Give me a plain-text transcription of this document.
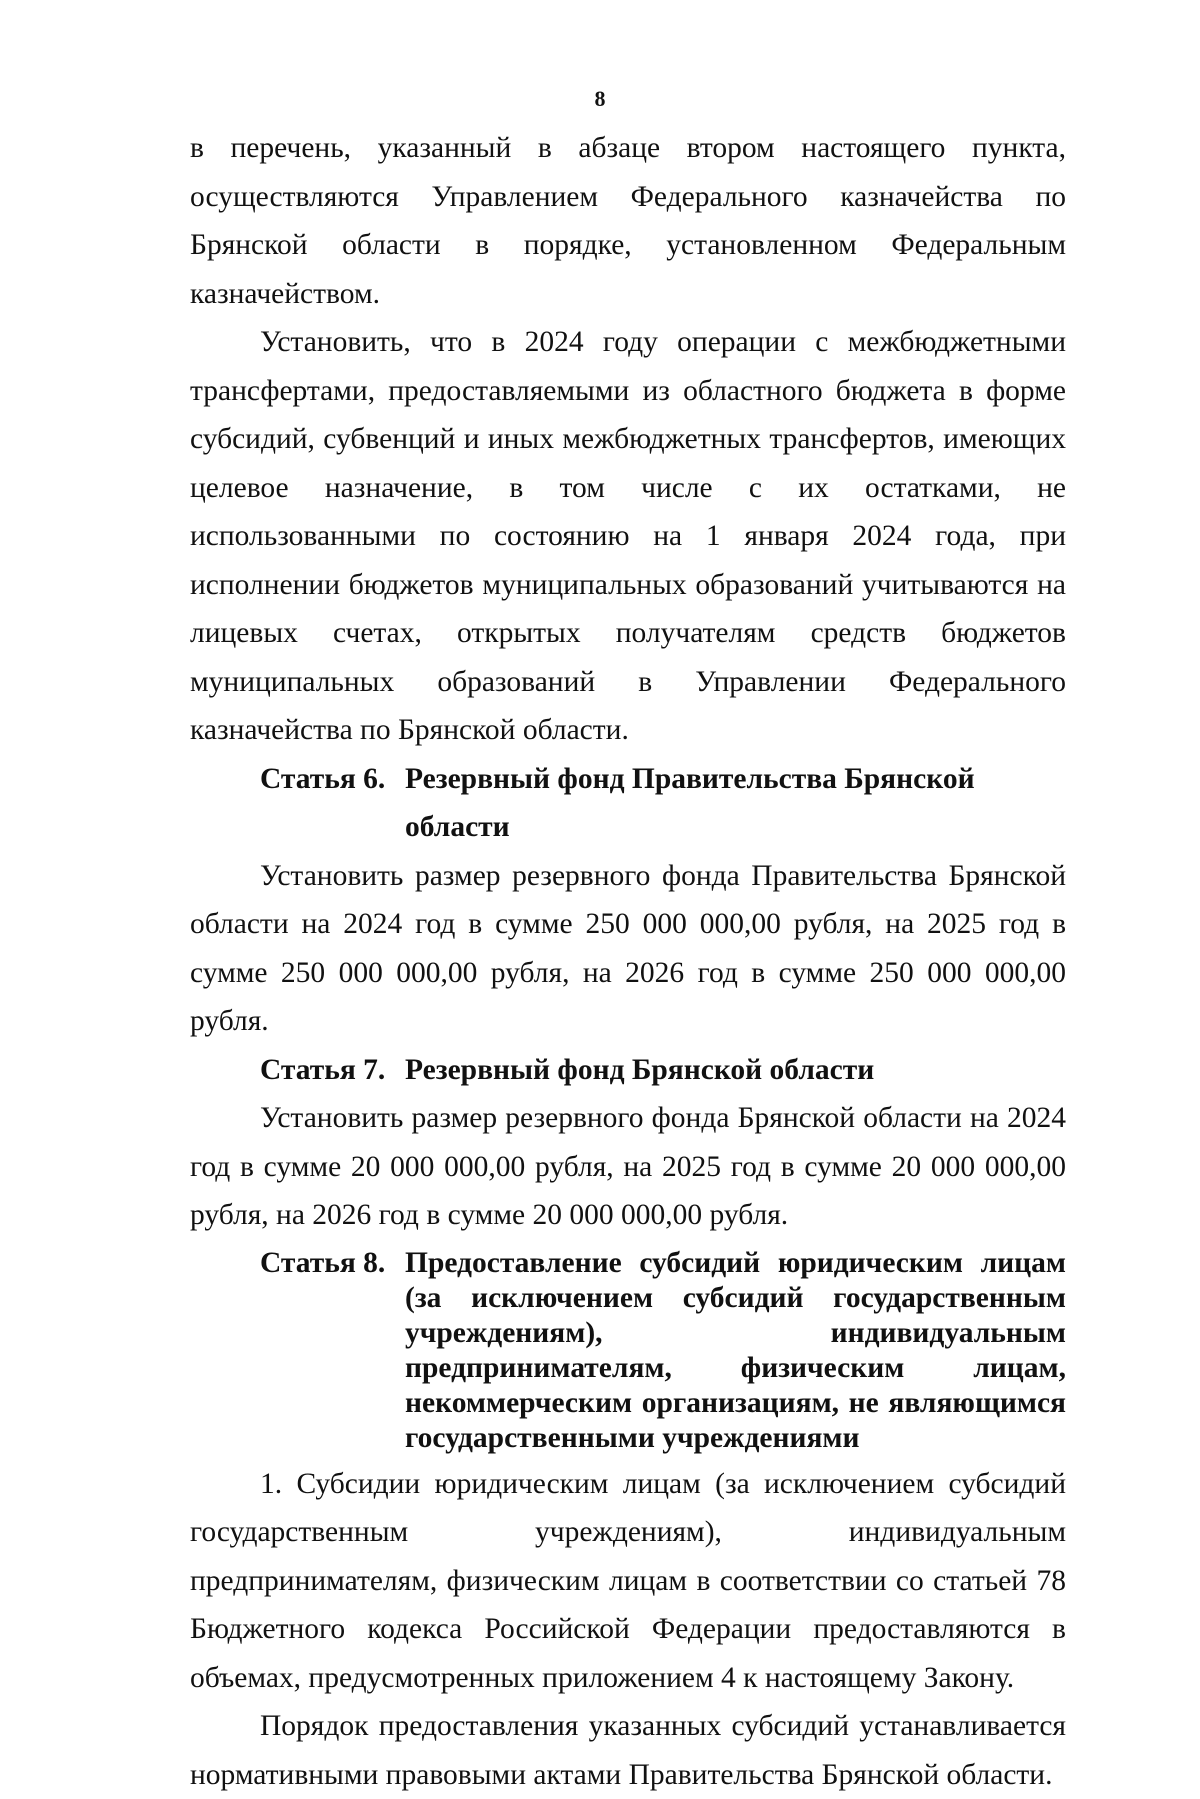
8

в перечень, указанный в абзаце втором настоящего пункта, осуществляются Управлением Федерального казначейства по Брянской области в порядке, установленном Федеральным казначейством.

Установить, что в 2024 году операции с межбюджетными трансфертами, предоставляемыми из областного бюджета в форме субсидий, субвенций и иных межбюджетных трансфертов, имеющих целевое назначение, в том числе с их остатками, не использованными по состоянию на 1 января 2024 года, при исполнении бюджетов муниципальных образований учитываются на лицевых счетах, открытых получателям средств бюджетов муниципальных образований в Управлении Федерального казначейства по Брянской области.

Статья 6. Резервный фонд Правительства Брянской области

Установить размер резервного фонда Правительства Брянской области на 2024 год в сумме 250 000 000,00 рубля, на 2025 год в сумме 250 000 000,00 рубля, на 2026 год в сумме 250 000 000,00 рубля.

Статья 7. Резервный фонд Брянской области

Установить размер резервного фонда Брянской области на 2024 год в сумме 20 000 000,00 рубля, на 2025 год в сумме 20 000 000,00 рубля, на 2026 год в сумме 20 000 000,00 рубля.

Статья 8. Предоставление субсидий юридическим лицам (за исключением субсидий государственным учреждениям), индивидуальным предпринимателям, физическим лицам, некоммерческим организациям, не являющимся государственными учреждениями

1. Субсидии юридическим лицам (за исключением субсидий государственным учреждениям), индивидуальным предпринимателям, физическим лицам в соответствии со статьей 78 Бюджетного кодекса Российской Федерации предоставляются в объемах, предусмотренных приложением 4 к настоящему Закону.

Порядок предоставления указанных субсидий устанавливается нормативными правовыми актами Правительства Брянской области.
